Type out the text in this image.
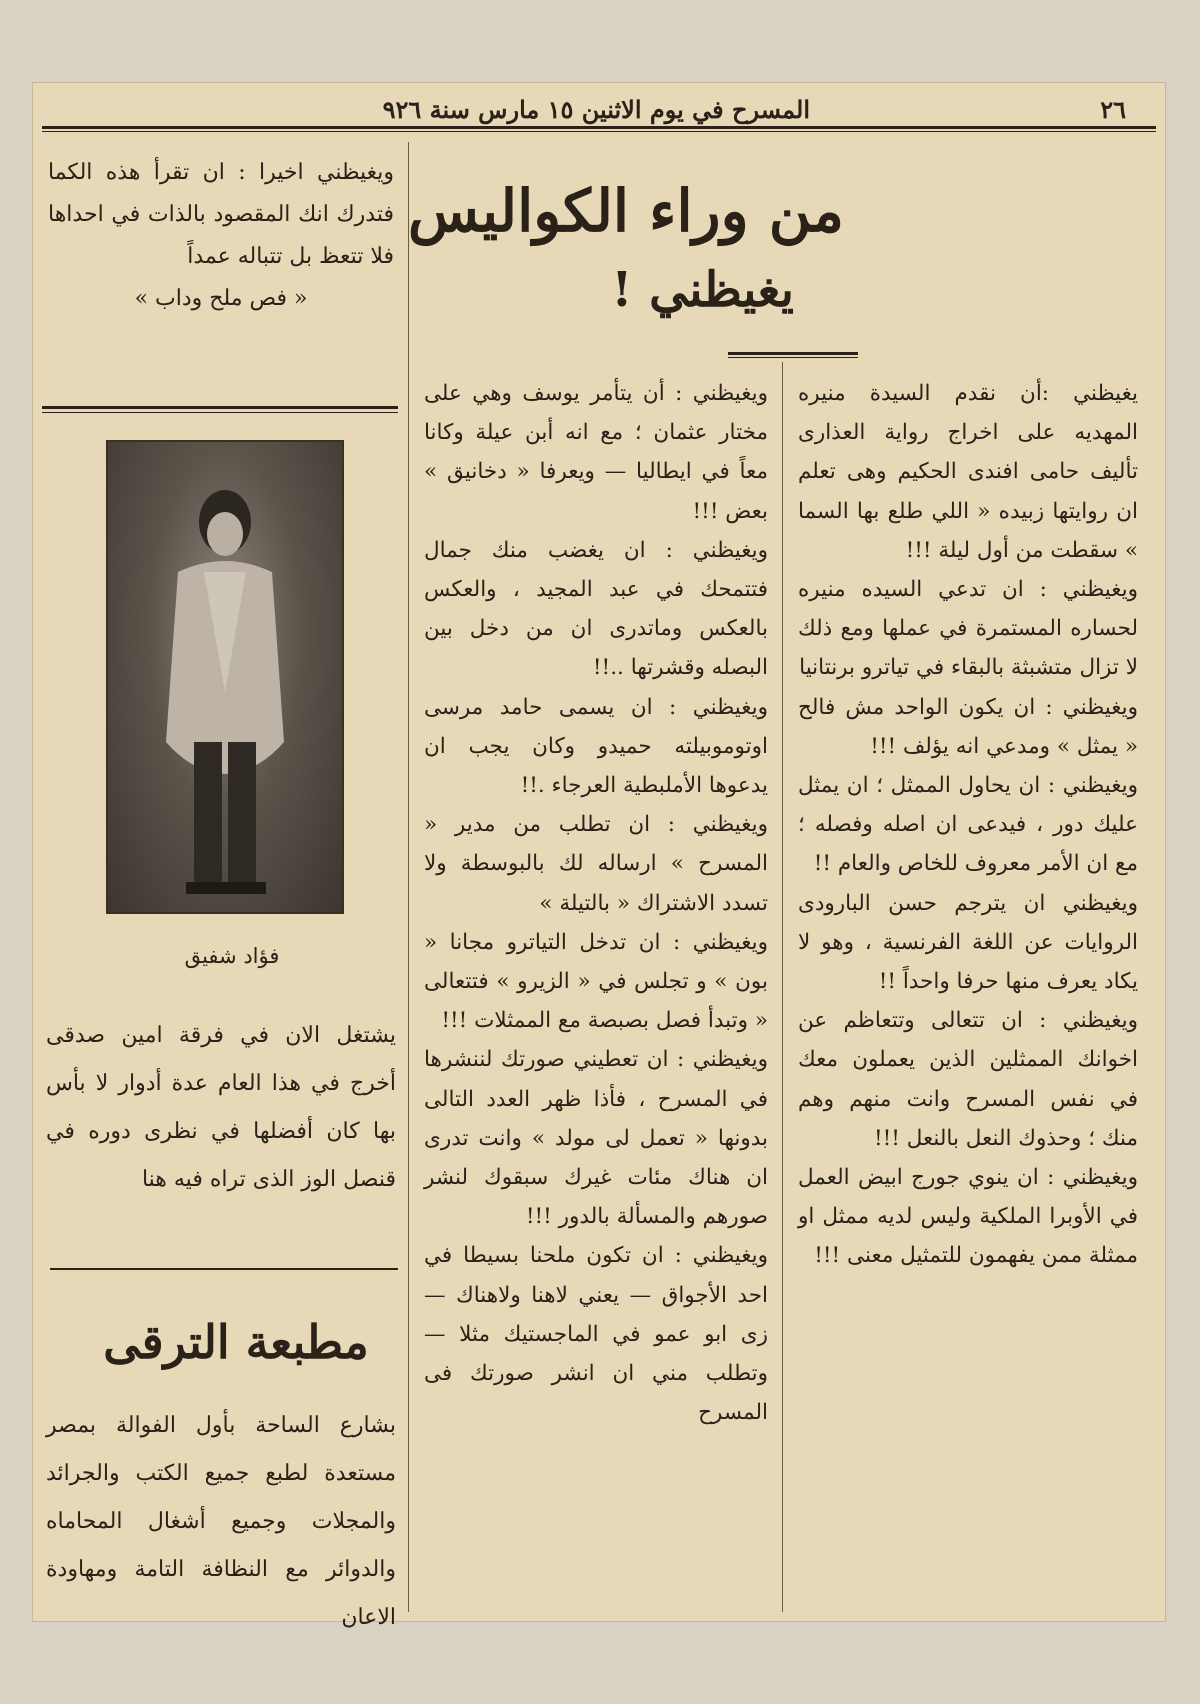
٢٦
المسرح في يوم الاثنين ١٥ مارس سنة ٩٢٦
من وراء الكواليس
يغيظني !

يغيظني :أن نقدم السيدة منيره المهديه على اخراج رواية العذارى تأليف حامى افندى الحكيم وهى تعلم ان روايتها زبيده « اللي طلع بها السما » سقطت من أول ليلة !!!

ويغيظني : ان تدعي السيده منيره لحساره المستمرة في عملها ومع ذلك لا تزال متشبثة بالبقاء في تياترو برنتانيا

ويغيظني : ان يكون الواحد مش فالح « يمثل » ومدعي انه يؤلف !!!

ويغيظني : ان يحاول الممثل ؛ ان يمثل عليك دور ، فيدعى ان اصله وفصله ؛ مع ان الأمر معروف للخاص والعام !!

ويغيظني ان يترجم حسن البارودى الروايات عن اللغة الفرنسية ، وهو لا يكاد يعرف منها حرفا واحداً !!

ويغيظني : ان تتعالى وتتعاظم عن اخوانك الممثلين الذين يعملون معك في نفس المسرح وانت منهم وهم منك ؛ وحذوك النعل بالنعل !!!

ويغيظني : ان ينوي جورج ابيض العمل في الأوبرا الملكية وليس لديه ممثل او ممثلة ممن يفهمون للتمثيل معنى !!!

ويغيظني : أن يتأمر يوسف وهي على مختار عثمان ؛ مع انه أبن عيلة وكانا معاً في ايطاليا — ويعرفا « دخانيق » بعض !!!

ويغيظني : ان يغضب منك جمال فتتمحك في عبد المجيد ، والعكس بالعكس وماتدرى ان من دخل بين البصله وقشرتها ..!!

ويغيظني : ان يسمى حامد مرسى اوتوموبيلته حميدو وكان يجب ان يدعوها الأملبطية العرجاء .!!

ويغيظني : ان تطلب من مدير « المسرح » ارساله لك بالبوسطة ولا تسدد الاشتراك « بالتيلة »

ويغيظني : ان تدخل التياترو مجانا « بون » و تجلس في « الزيرو » فتتعالى « وتبدأ فصل بصبصة مع الممثلات !!!

ويغيظني : ان تعطيني صورتك لننشرها في المسرح ، فأذا ظهر العدد التالى بدونها « تعمل لى مولد » وانت تدرى ان هناك مئات غيرك سبقوك لنشر صورهم والمسألة بالدور !!!

ويغيظني : ان تكون ملحنا بسيطا في احد الأجواق — يعني لاهنا ولاهناك — زى ابو عمو في الماجستيك مثلا — وتطلب مني ان انشر صورتك فى المسرح

ويغيظني اخيرا : ان تقرأ هذه الكما فتدرك انك المقصود بالذات في احداها فلا تتعظ بل تتباله عمداً

« فص ملح وداب »

فؤاد شفيق

يشتغل الان في فرقة امين صدقى أخرج في هذا العام عدة أدوار لا بأس بها كان أفضلها في نظرى دوره في قنصل الوز الذى تراه فيه هنا

مطبعة الترقى

بشارع الساحة بأول الفوالة بمصر مستعدة لطبع جميع الكتب والجرائد والمجلات وجميع أشغال المحاماه والدوائر مع النظافة التامة ومهاودة الاعان
